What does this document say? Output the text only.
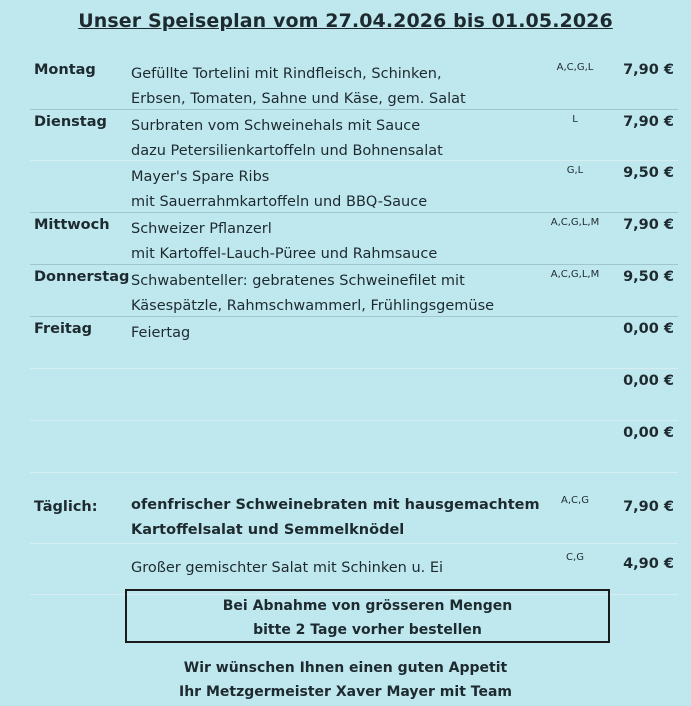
Unser Speiseplan vom 27.04.2026 bis 01.05.2026
Montag Gefüllte Tortelini mit Rindfleisch, Schinken,
Erbsen, Tomaten, Sahne und Käse, gem. Salat
A,C,G,L	7,90 €
Dienstag Surbraten vom Schweinehals mit Sauce
dazu Petersilienkartoffeln und Bohnensalat
L	7,90 €
Mayer's Spare Ribs
mit Sauerrahmkartoffeln und BBQ-Sauce
G,L	9,50 €
Mittwoch Schweizer Pflanzerl
mit Kartoffel-Lauch-Püree und Rahmsauce
A,C,G,L,M	7,90 €
Donnerstag Schwabenteller: gebratenes Schweinefilet mit
Käsespätzle, Rahmschwammerl, Frühlingsgemüse
A,C,G,L,M	9,50 €
Freitag	Feiertag	0,00 €
0,00 €
0,00 €
Täglich: ofenfrischer Schweinebraten mit hausgemachtem
Kartoffelsalat und Semmelknödel
A,C,G	7,90 €
Großer gemischter Salat mit Schinken u. Ei
C,G	4,90 €
Bei Abnahme von grösseren Mengen
bitte 2 Tage vorher bestellen
Wir wünschen Ihnen einen guten Appetit
Ihr Metzgermeister Xaver Mayer mit Team
